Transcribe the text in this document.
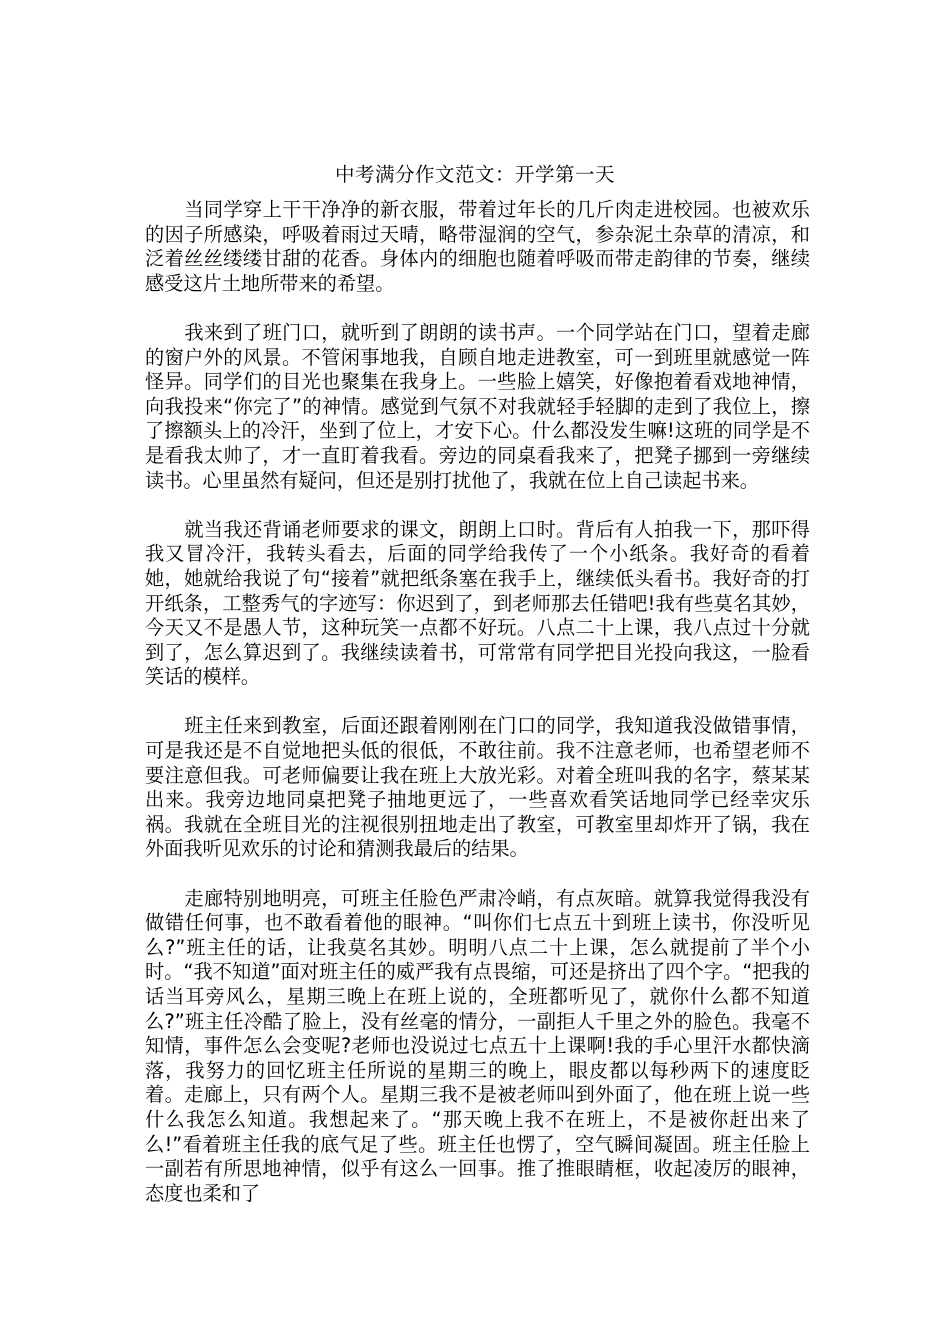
中考满分作文范文：开学第一天

当同学穿上干干净净的新衣服，带着过年长的几斤肉走进校园。也被欢乐的因子所感染，呼吸着雨过天晴，略带湿润的空气，参杂泥土杂草的清凉，和泛着丝丝缕缕甘甜的花香。身体内的细胞也随着呼吸而带走韵律的节奏，继续感受这片土地所带来的希望。

我来到了班门口，就听到了朗朗的读书声。一个同学站在门口，望着走廊的窗户外的风景。不管闲事地我，自顾自地走进教室，可一到班里就感觉一阵怪异。同学们的目光也聚集在我身上。一些脸上嬉笑，好像抱着看戏地神情，向我投来“你完了”的神情。感觉到气氛不对我就轻手轻脚的走到了我位上，擦了擦额头上的冷汗，坐到了位上，才安下心。什么都没发生嘛!这班的同学是不是看我太帅了，才一直盯着我看。旁边的同桌看我来了，把凳子挪到一旁继续读书。心里虽然有疑问，但还是别打扰他了，我就在位上自己读起书来。

就当我还背诵老师要求的课文，朗朗上口时。背后有人拍我一下，那吓得我又冒冷汗，我转头看去，后面的同学给我传了一个小纸条。我好奇的看着她，她就给我说了句“接着”就把纸条塞在我手上，继续低头看书。我好奇的打开纸条，工整秀气的字迹写：你迟到了，到老师那去任错吧!我有些莫名其妙，今天又不是愚人节，这种玩笑一点都不好玩。八点二十上课，我八点过十分就到了，怎么算迟到了。我继续读着书，可常常有同学把目光投向我这，一脸看笑话的模样。

班主任来到教室，后面还跟着刚刚在门口的同学，我知道我没做错事情，可是我还是不自觉地把头低的很低，不敢往前。我不注意老师，也希望老师不要注意但我。可老师偏要让我在班上大放光彩。对着全班叫我的名字，蔡某某出来。我旁边地同桌把凳子抽地更远了，一些喜欢看笑话地同学已经幸灾乐祸。我就在全班目光的注视很别扭地走出了教室，可教室里却炸开了锅，我在外面我听见欢乐的讨论和猜测我最后的结果。

走廊特别地明亮，可班主任脸色严肃冷峭，有点灰暗。就算我觉得我没有做错任何事，也不敢看着他的眼神。“叫你们七点五十到班上读书，你没听见么?”班主任的话，让我莫名其妙。明明八点二十上课，怎么就提前了半个小时。“我不知道”面对班主任的威严我有点畏缩，可还是挤出了四个字。“把我的话当耳旁风么，星期三晚上在班上说的，全班都听见了，就你什么都不知道么?”班主任冷酷了脸上，没有丝毫的情分，一副拒人千里之外的脸色。我毫不知情，事件怎么会变呢?老师也没说过七点五十上课啊!我的手心里汗水都快滴落，我努力的回忆班主任所说的星期三的晚上，眼皮都以每秒两下的速度眨着。走廊上，只有两个人。星期三我不是被老师叫到外面了，他在班上说一些什么我怎么知道。我想起来了。“那天晚上我不在班上，不是被你赶出来了么!”看着班主任我的底气足了些。班主任也愣了，空气瞬间凝固。班主任脸上一副若有所思地神情，似乎有这么一回事。推了推眼睛框，收起凌厉的眼神，态度也柔和了
